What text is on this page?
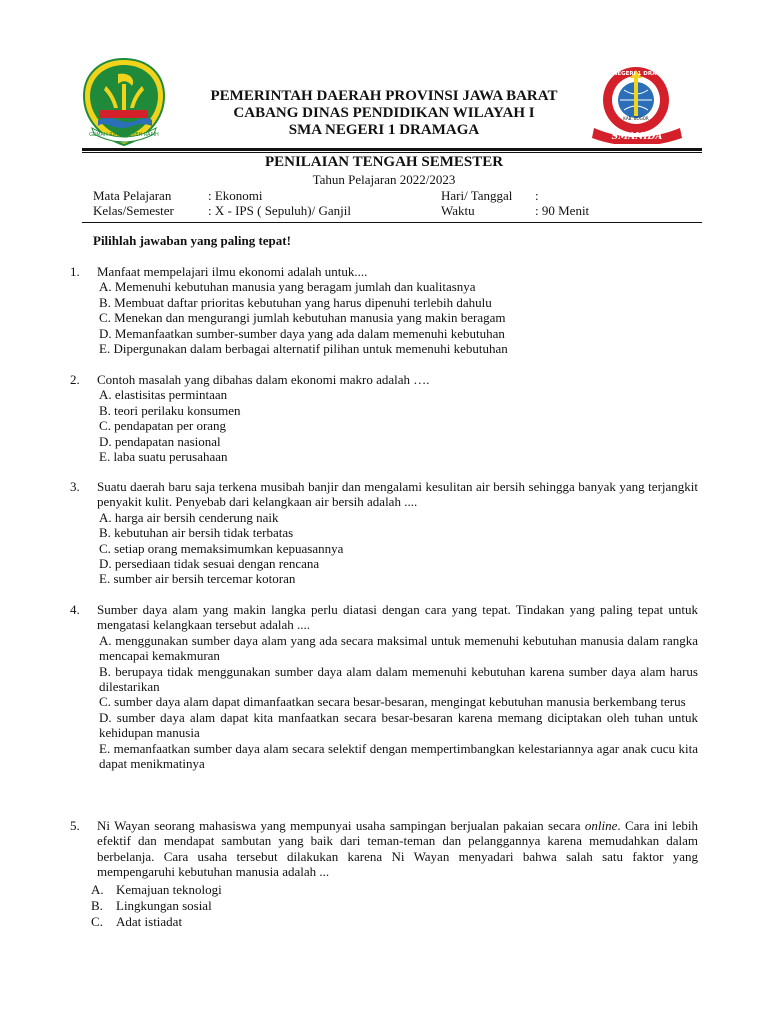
GEMAH RIPAH REPEH RAPIH
PEMERINTAH DAERAH PROVINSI JAWA BARAT
CABANG DINAS PENDIDIKAN WILAYAH I
SMA NEGERI 1 DRAMAGA
SMA NEGERI 1 DRAMAGA
KAB. BOGOR
SMANIDA
PENILAIAN TENGAH SEMESTER
Tahun Pelajaran 2022/2023
Mata Pelajaran	: Ekonomi
Kelas/Semester	: X - IPS ( Sepuluh)/ Ganjil
Hari/ Tanggal :
Waktu	: 90 Menit
Pilihlah jawaban yang paling tepat!
1. Manfaat mempelajari ilmu ekonomi adalah untuk....
A. Memenuhi kebutuhan manusia yang beragam jumlah dan kualitasnya
B. Membuat daftar prioritas kebutuhan yang harus dipenuhi terlebih dahulu
C. Menekan dan mengurangi jumlah kebutuhan manusia yang makin beragam
D. Memanfaatkan sumber-sumber daya yang ada dalam memenuhi kebutuhan
E. Dipergunakan dalam berbagai alternatif pilihan untuk memenuhi kebutuhan
2. Contoh masalah yang dibahas dalam ekonomi makro adalah ….
A. elastisitas permintaan
B. teori perilaku konsumen
C. pendapatan per orang
D. pendapatan nasional
E. laba suatu perusahaan
3. Suatu daerah baru saja terkena musibah banjir dan mengalami kesulitan air bersih sehingga banyak yang terjangkit penyakit kulit. Penyebab dari kelangkaan air bersih adalah ....
A. harga air bersih cenderung naik
B. kebutuhan air bersih tidak terbatas
C. setiap orang memaksimumkan kepuasannya
D. persediaan tidak sesuai dengan rencana
E. sumber air bersih tercemar kotoran
4. Sumber daya alam yang makin langka perlu diatasi dengan cara yang tepat. Tindakan yang paling tepat untuk mengatasi kelangkaan tersebut adalah ....
A. menggunakan sumber daya alam yang ada secara maksimal untuk memenuhi kebutuhan manusia dalam rangka mencapai kemakmuran
B. berupaya tidak menggunakan sumber daya alam dalam memenuhi kebutuhan karena sumber daya alam harus dilestarikan
C. sumber daya alam dapat dimanfaatkan secara besar-besaran, mengingat kebutuhan manusia berkembang terus
D. sumber daya alam dapat kita manfaatkan secara besar-besaran karena memang diciptakan oleh tuhan untuk kehidupan manusia
E. memanfaatkan sumber daya alam secara selektif dengan mempertimbangkan kelestariannya agar anak cucu kita dapat menikmatinya
5. Ni Wayan seorang mahasiswa yang mempunyai usaha sampingan berjualan pakaian secara online. Cara ini lebih efektif dan mendapat sambutan yang baik dari teman-teman dan pelanggannya karena memudahkan dalam berbelanja. Cara usaha tersebut dilakukan karena Ni Wayan menyadari bahwa salah satu faktor yang mempengaruhi kebutuhan manusia adalah ...
A. Kemajuan teknologi
B.	Lingkungan sosial
C.	Adat istiadat
